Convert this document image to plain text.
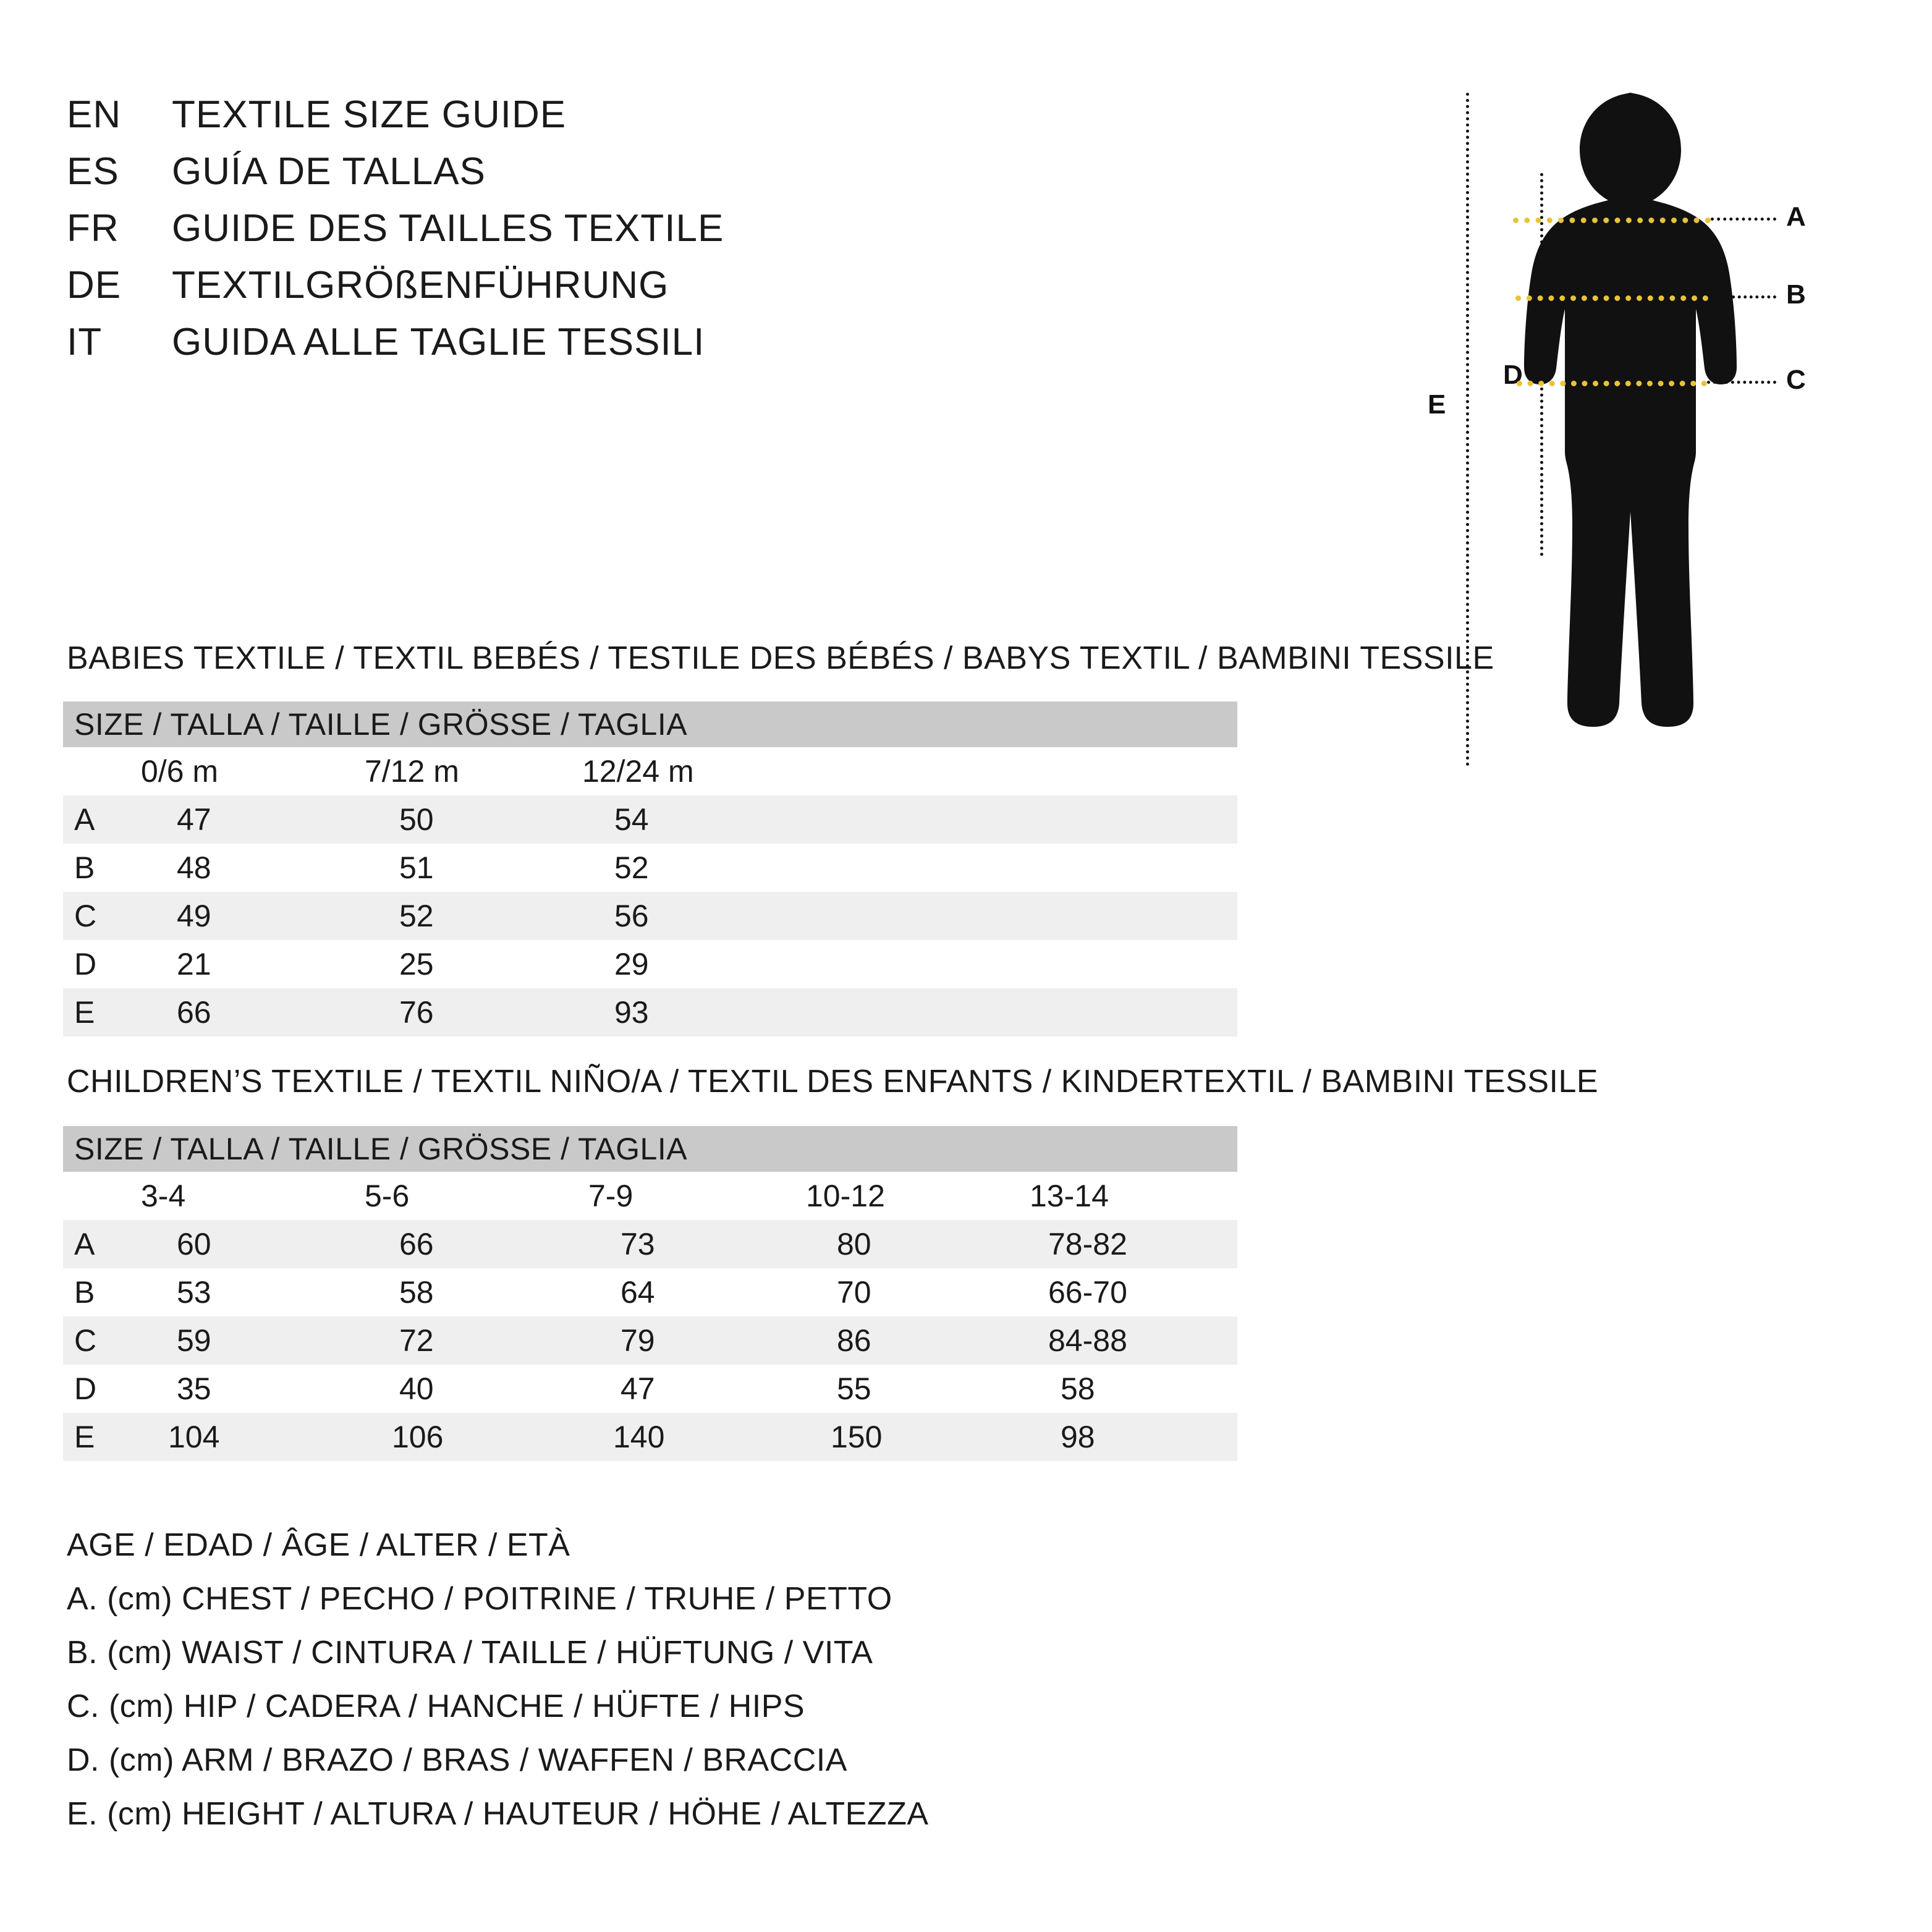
EN	TEXTILE SIZE GUIDE
ES	GUÍA DE TALLAS
FR	GUIDE DES TAILLES TEXTILE
DE	TEXTILGRÖßENFÜHRUNG
IT	GUIDA ALLE TAGLIE TESSILI
E
D
A
B
C
BABIES TEXTILE / TEXTIL BEBÉS / TESTILE DES BÉBÉS / BABYS TEXTIL / BAMBINI TESSILE
SIZE / TALLA / TAILLE / GRÖSSE / TAGLIA			
	0/6 m	7/12 m	12/24 m
A	47	50	54
B	48	51	52
C	49	52	56
D	21	25	29
E	66	76	93
CHILDREN’S TEXTILE / TEXTIL NIÑO/A / TEXTIL DES ENFANTS / KINDERTEXTIL / BAMBINI TESSILE
SIZE / TALLA / TAILLE / GRÖSSE / TAGLIA					
	3-4	5-6	7-9	10-12	13-14
A	60	66	73	80	78-82
B	53	58	64	70	66-70
C	59	72	79	86	84-88
D	35	40	47	55	58
E	104	106	140	150	98
AGE / EDAD / ÂGE / ALTER / ETÀ
A. (cm) CHEST / PECHO / POITRINE / TRUHE / PETTO
B. (cm) WAIST / CINTURA / TAILLE / HÜFTUNG / VITA
C. (cm) HIP / CADERA / HANCHE / HÜFTE / HIPS
D. (cm) ARM / BRAZO / BRAS / WAFFEN / BRACCIA
E. (cm) HEIGHT / ALTURA / HAUTEUR / HÖHE / ALTEZZA
